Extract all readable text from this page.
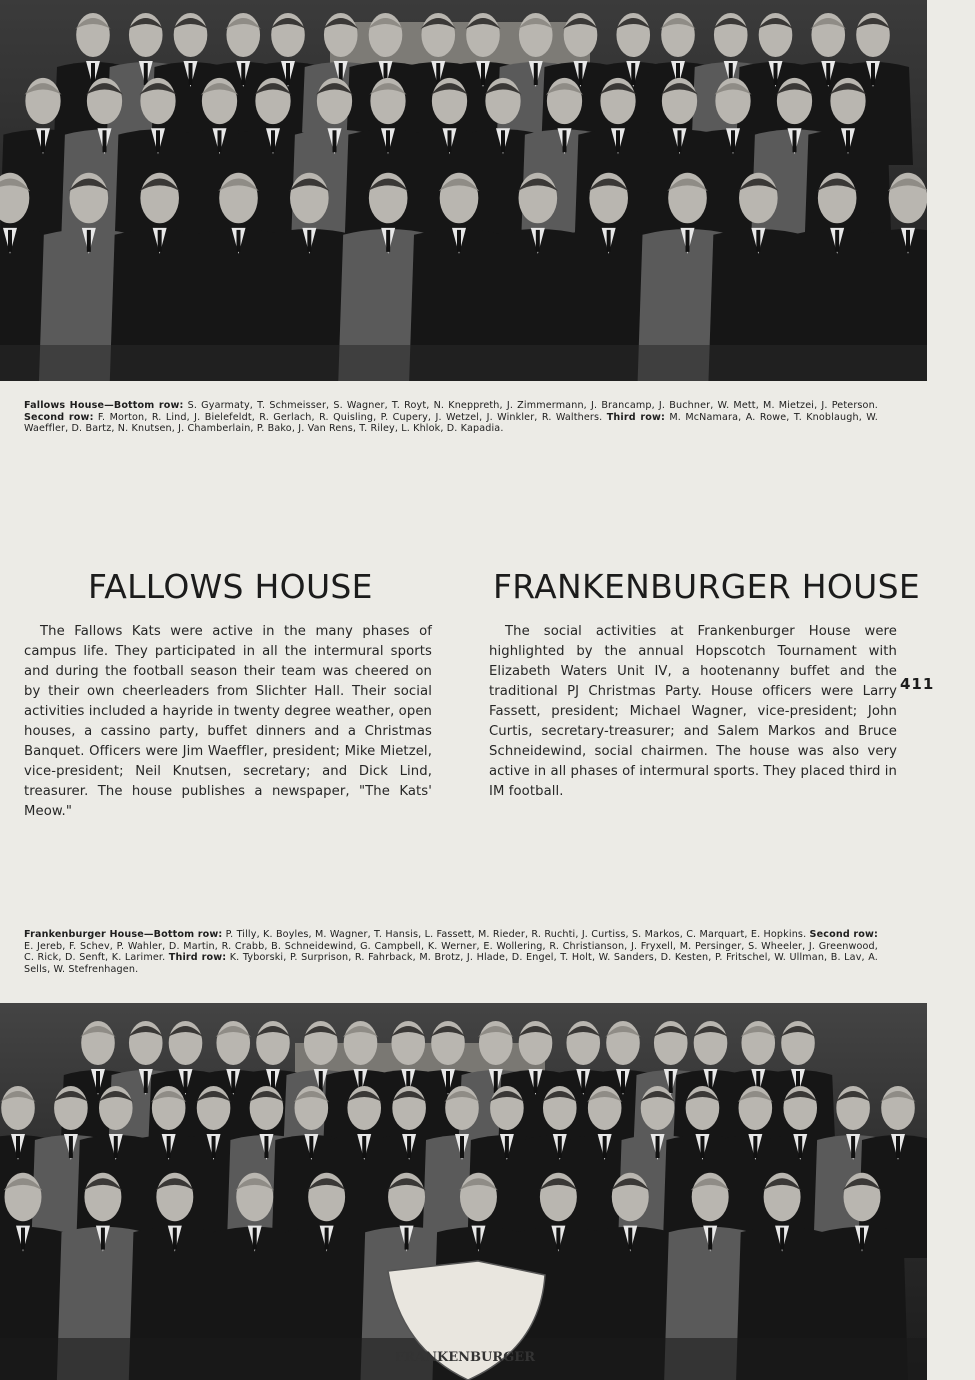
Fallows House—Bottom row: S. Gyarmaty, T. Schmeisser, S. Wagner, T. Royt, N. Kneppreth, J. Zimmermann, J. Brancamp, J. Buchner, W. Mett, M. Mietzei, J. Peterson. Second row: F. Morton, R. Lind, J. Bielefeldt, R. Gerlach, R. Quisling, P. Cupery, J. Wetzel, J. Winkler, R. Walthers. Third row: M. McNamara, A. Rowe, T. Knoblaugh, W. Waeffler, D. Bartz, N. Knutsen, J. Chamberlain, P. Bako, J. Van Rens, T. Riley, L. Khlok, D. Kapadia.

FALLOWS HOUSE	FRANKENBURGER HOUSE

The Fallows Kats were active in the many phases of campus life. They participated in all the intermural sports and during the football season their team was cheered on by their own cheerleaders from Slichter Hall. Their social activities included a hayride in twenty degree weather, open houses, a cassino party, buffet dinners and a Christmas Banquet. Officers were Jim Waeffler, president; Mike Mietzel, vice-president; Neil Knutsen, secretary; and Dick Lind, treasurer. The house publishes a newspaper, "The Kats' Meow."

The social activities at Frankenburger House were highlighted by the annual Hopscotch Tournament with Elizabeth Waters Unit IV, a hootenanny buffet and the traditional PJ Christmas Party. House officers were Larry Fassett, president; Michael Wagner, vice-president; John Curtis, secretary-treasurer; and Salem Markos and Bruce Schneidewind, social chairmen. The house was also very active in all phases of intermural sports. They placed third in IM football.

411

Frankenburger House—Bottom row: P. Tilly, K. Boyles, M. Wagner, T. Hansis, L. Fassett, M. Rieder, R. Ruchti, J. Curtiss, S. Markos, C. Marquart, E. Hopkins. Second row: E. Jereb, F. Schev, P. Wahler, D. Martin, R. Crabb, B. Schneidewind, G. Campbell, K. Werner, E. Wollering, R. Christianson, J. Fryxell, M. Persinger, S. Wheeler, J. Greenwood, C. Rick, D. Senft, K. Larimer. Third row: K. Tyborski, P. Surprison, R. Fahrback, M. Brotz, J. Hlade, D. Engel, T. Holt, W. Sanders, D. Kesten, P. Fritschel, W. Ullman, B. Lav, A. Sells, W. Stefrenhagen.

FRANKENBURGER
